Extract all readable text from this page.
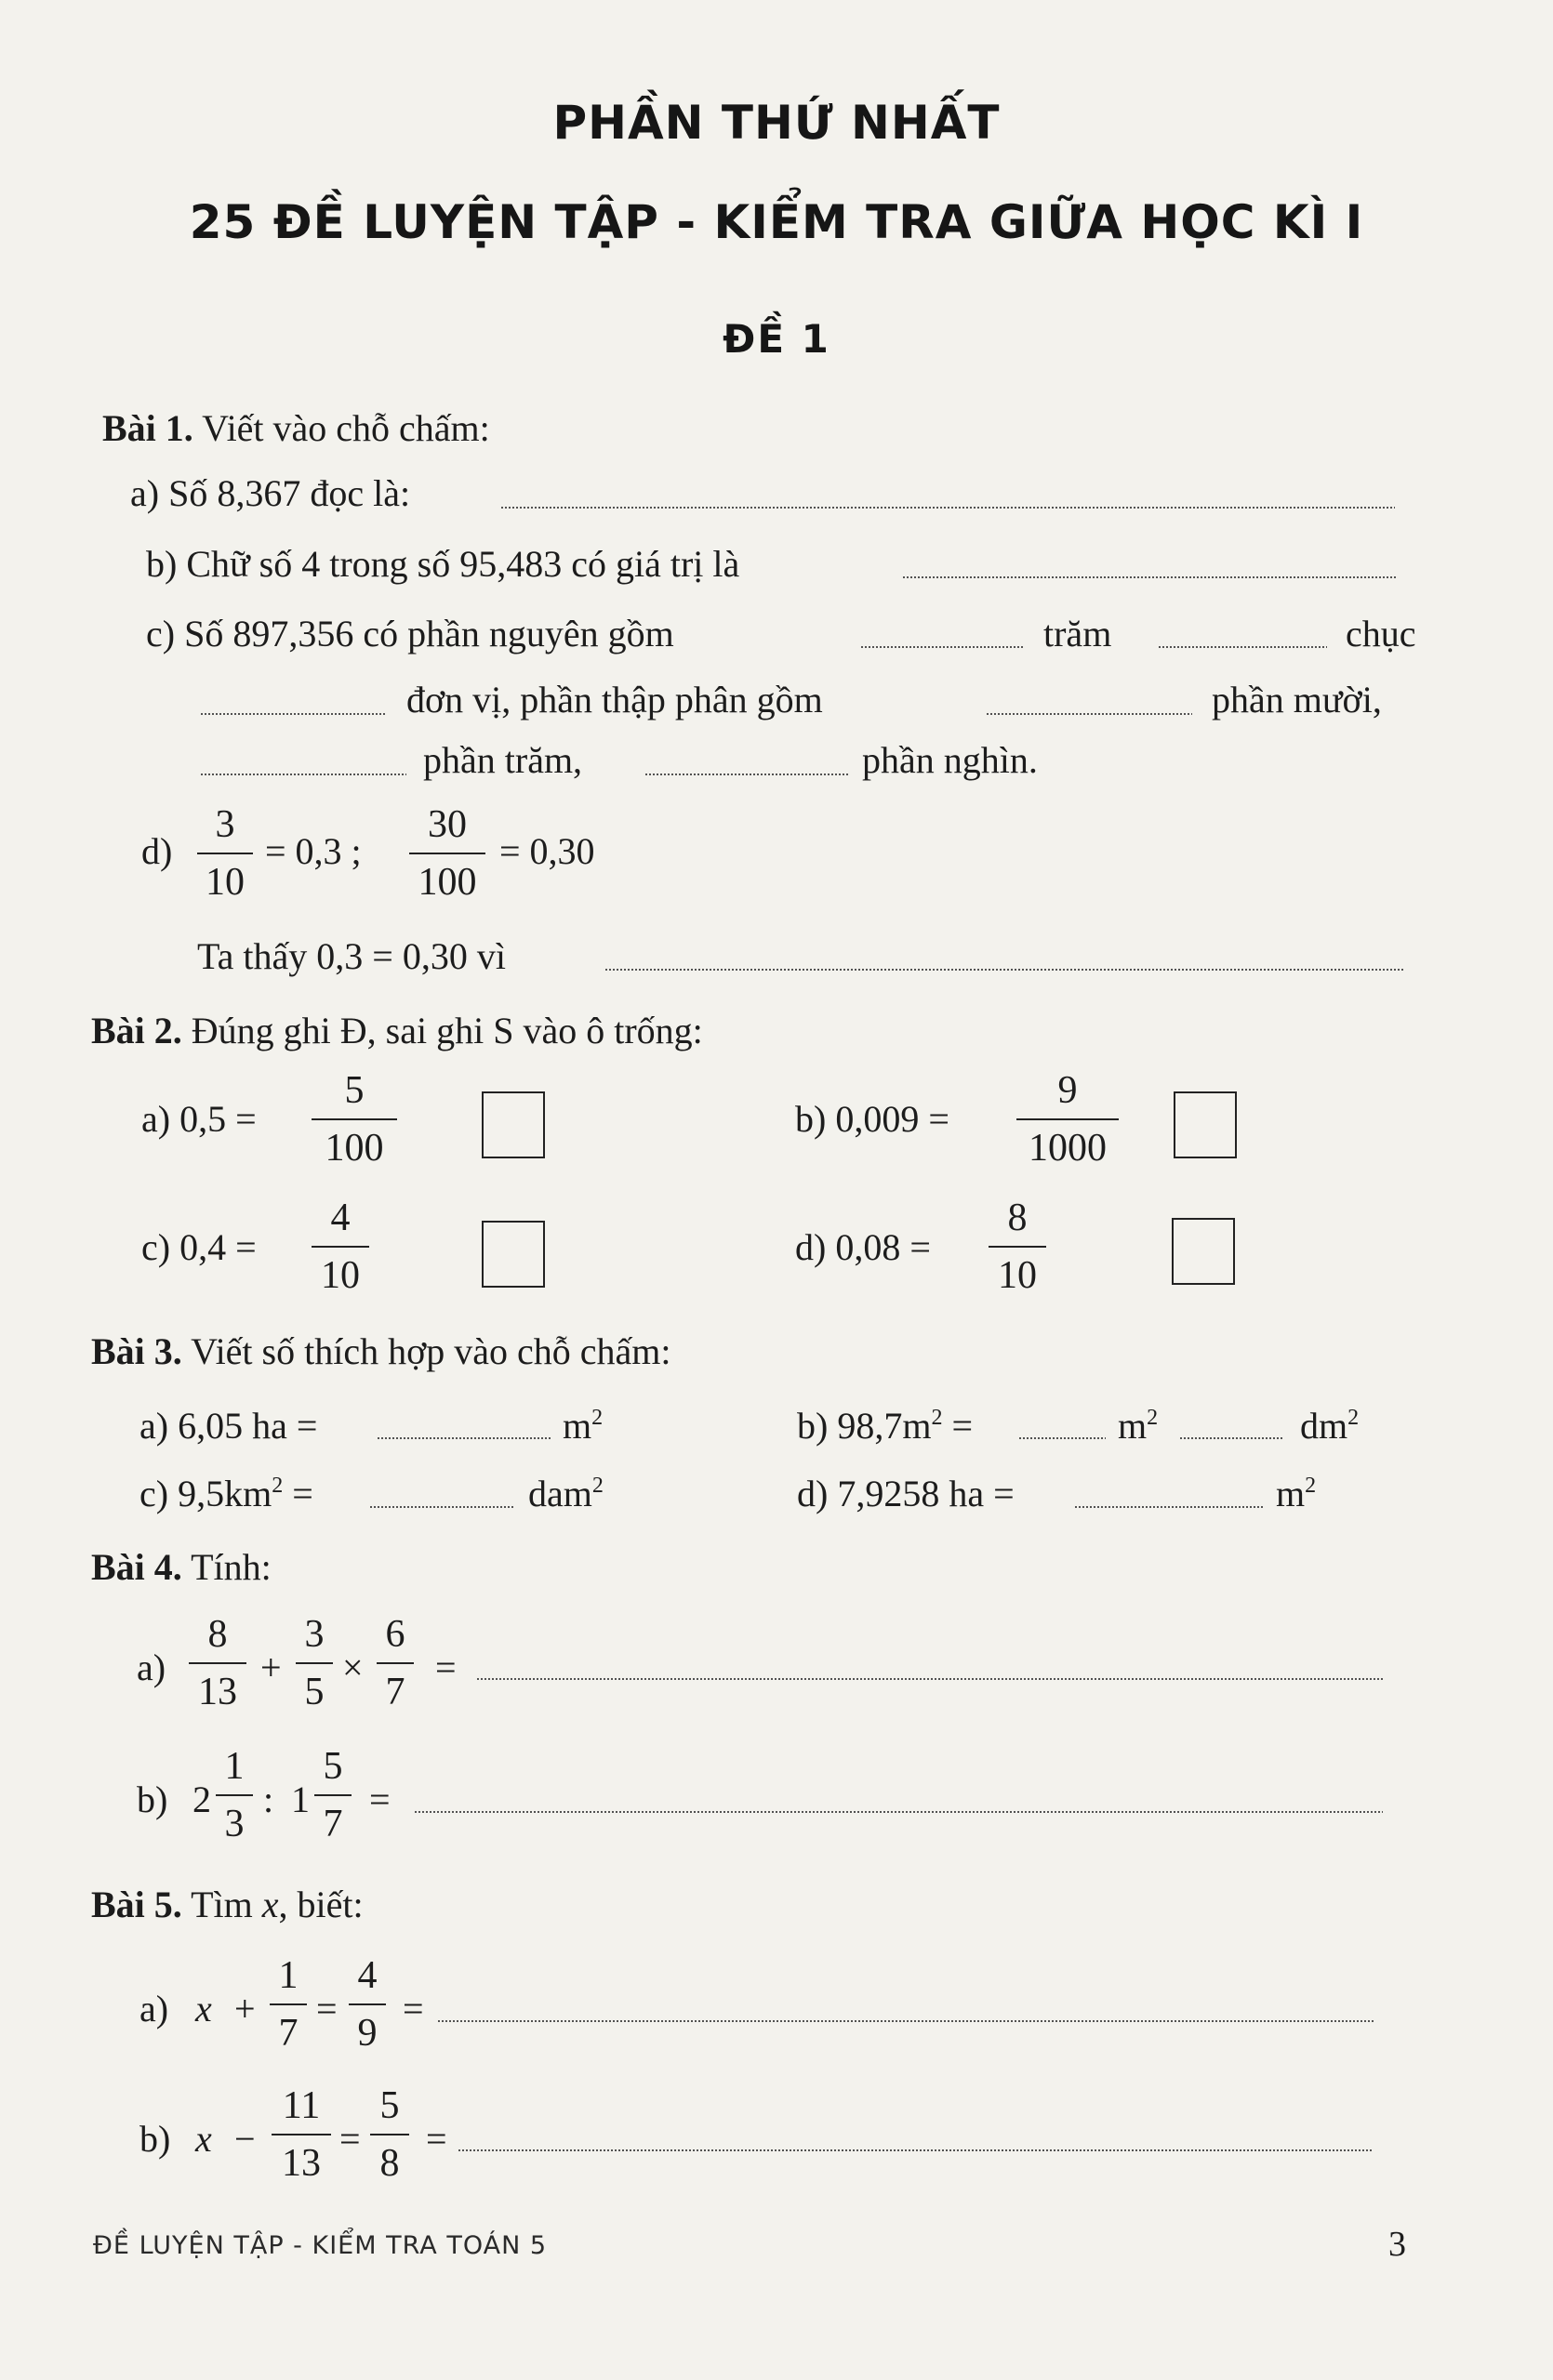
PHẦN THỨ NHẤT
25 ĐỀ LUYỆN TẬP - KIỂM TRA GIỮA HỌC KÌ I
ĐỀ 1
Bài 1. Viết vào chỗ chấm:
a) Số 8,367 đọc là:
b) Chữ số 4 trong số 95,483 có giá trị là
c) Số 897,356 có phần nguyên gồm	trăm	chục
đơn vị, phần thập phân gồm	phần mười,
phần trăm,	phần nghìn.
d)
3
10
= 0,3 ;
30
100
= 0,30
Ta thấy 0,3 = 0,30 vì
Bài 2. Đúng ghi Đ, sai ghi S vào ô trống:
a) 0,5 =
5
100
b) 0,009 =
9
1000
c) 0,4 =
4
10
d) 0,08 =
8
10
Bài 3. Viết số thích hợp vào chỗ chấm:
a) 6,05 ha =	$m^2$	b) $98,7m^2$ =	$m^2$	$dm^2$
c) $9,5km^2$ =	dam$^2$	d) 7,9258 ha =	$m^2$
Bài 4. Tính:
a)
8
13
+
3
5
×
6
7
=
b) 2
1
3
: 1
5
7
=
Bài 5. Tìm x, biết:
a) x +
1
7
=
4
9
=
b) x −
11
13
=
5
8
=
ĐỀ LUYỆN TẬP - KIỂM TRA TOÁN 5	3
